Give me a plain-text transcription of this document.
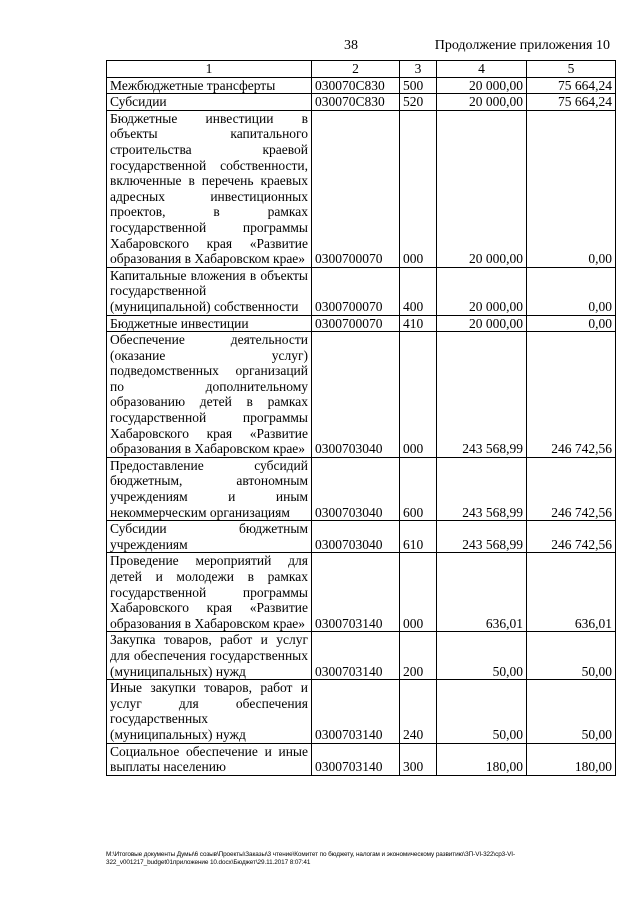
38	Продолжение приложения 10
1	2	3	4	5
Межбюджетные трансферты	030070С830	500	20 000,00	75 664,24
Субсидии	030070С830	520	20 000,00	75 664,24
Бюджетные инвестиции в объекты капитального строительства краевой государственной собственности, включенные в перечень краевых адресных инвестиционных проектов, в рамках государственной программы Хабаровского края «Развитие образования в Хабаровском крае»	0300700070	000	20 000,00	0,00
Капитальные вложения в объекты государственной (муниципальной) собственности	0300700070	400	20 000,00	0,00
Бюджетные инвестиции	0300700070	410	20 000,00	0,00
Обеспечение деятельности (оказание услуг) подведомственных организаций по дополнительному образованию детей в рамках государственной программы Хабаровского края «Развитие образования в Хабаровском крае»	0300703040	000	243 568,99	246 742,56
Предоставление субсидий бюджетным, автономным учреждениям и иным некоммерческим организациям	0300703040	600	243 568,99	246 742,56
Субсидии бюджетным учреждениям	0300703040	610	243 568,99	246 742,56
Проведение мероприятий для детей и молодежи в рамках государственной программы Хабаровского края «Развитие образования в Хабаровском крае»	0300703140	000	636,01	636,01
Закупка товаров, работ и услуг для обеспечения государственных (муниципальных) нужд	0300703140	200	50,00	50,00
Иные закупки товаров, работ и услуг для обеспечения государственных (муниципальных) нужд	0300703140	240	50,00	50,00
Социальное обеспечение и иные выплаты населению	0300703140	300	180,00	180,00
M:\Итоговые документы Думы\6 созыв\Проекты\Заказы\3 чтение\Комитет по бюджету, налогам и экономическому развитию\ЗП-VI-322\ср3-VI-322_v001217_budget01приложение 10.docx\Бюджет\29.11.2017 8:07:41
